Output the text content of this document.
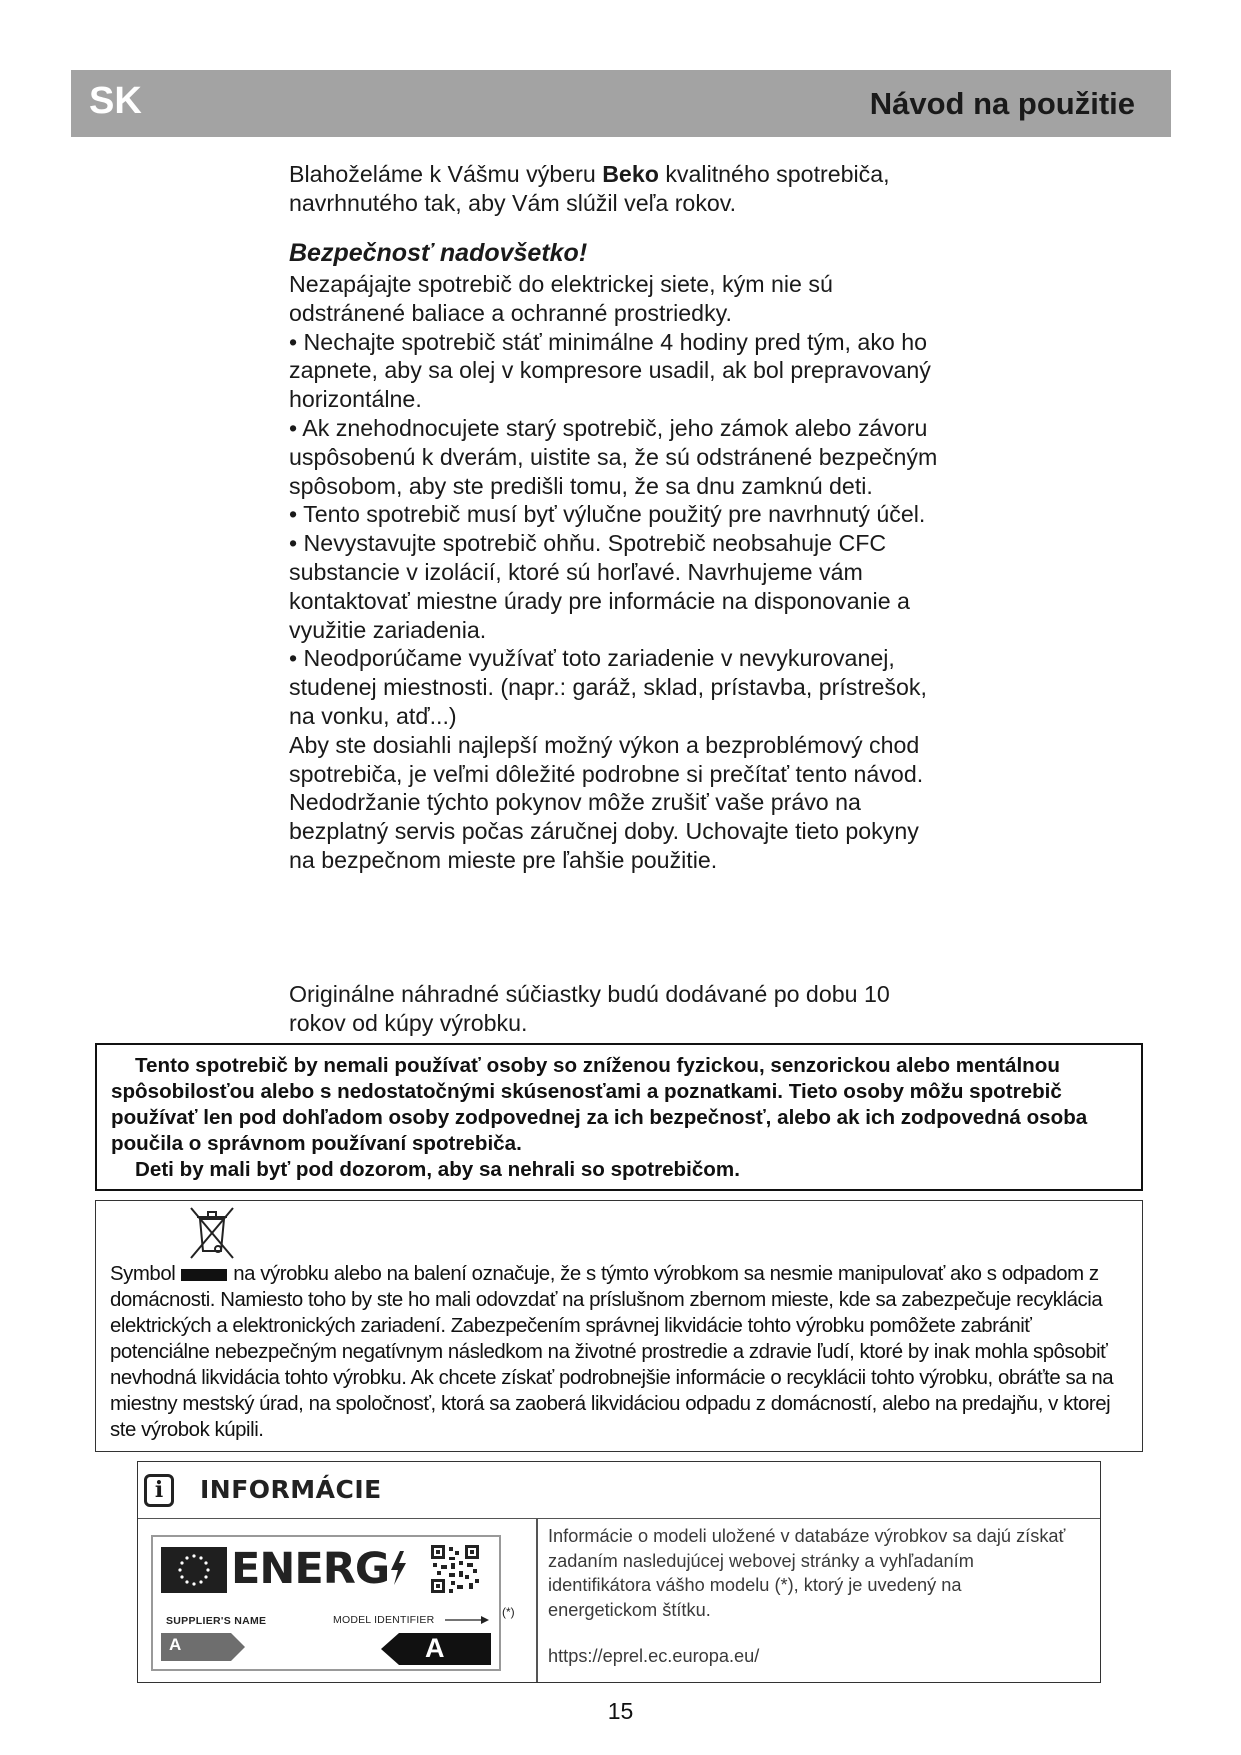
SK	Návod na použitie

Blahoželáme k Vášmu výberu Beko kvalitného spotrebiča, navrhnutého tak, aby Vám slúžil veľa rokov.

Bezpečnosť nadovšetko!

Nezapájajte spotrebič do elektrickej siete, kým nie sú odstránené baliace a ochranné prostriedky.

• Nechajte spotrebič stáť minimálne 4 hodiny pred tým, ako ho zapnete, aby sa olej v kompresore usadil, ak bol prepravovaný horizontálne.

• Ak znehodnocujete starý spotrebič, jeho zámok alebo závoru uspôsobenú k dverám, uistite sa, že sú odstránené bezpečným spôsobom, aby ste predišli tomu, že sa dnu zamknú deti.

• Tento spotrebič musí byť výlučne použitý pre navrhnutý účel.

• Nevystavujte spotrebič ohňu. Spotrebič neobsahuje CFC substancie v izolácií, ktoré sú horľavé. Navrhujeme vám kontaktovať miestne úrady pre informácie na disponovanie a využitie zariadenia.

• Neodporúčame využívať toto zariadenie v nevykurovanej, studenej miestnosti. (napr.: garáž, sklad, prístavba, prístrešok, na vonku, atď...)

Aby ste dosiahli najlepší možný výkon a bezproblémový chod spotrebiča, je veľmi dôležité podrobne si prečítať tento návod. Nedodržanie týchto pokynov môže zrušiť vaše právo na bezplatný servis počas záručnej doby. Uchovajte tieto pokyny na bezpečnom mieste pre ľahšie použitie.

Originálne náhradné súčiastky budú dodávané po dobu 10 rokov od kúpy výrobku.

Tento spotrebič by nemali používať osoby so zníženou fyzickou, senzorickou alebo mentálnou spôsobilosťou alebo s nedostatočnými skúsenosťami a poznatkami. Tieto osoby môžu spotrebič používať len pod dohľadom osoby zodpovednej za ich bezpečnosť, alebo ak ich zodpovedná osoba poučila o správnom používaní spotrebiča.
Deti by mali byť pod dozorom, aby sa nehrali so spotrebičom.
Symbol	na výrobku alebo na balení označuje, že s týmto výrobkom sa nesmie manipulovať ako s odpadom z domácnosti. Namiesto toho by ste ho mali odovzdať na príslušnom zbernom mieste, kde sa zabezpečuje recyklácia elektrických a elektronických zariadení. Zabezpečením správnej likvidácie tohto výrobku pomôžete zabrániť potenciálne nebezpečným negatívnym následkom na životné prostredie a zdravie ľudí, ktoré by inak mohla spôsobiť nevhodná likvidácia tohto výrobku. Ak chcete získať podrobnejšie informácie o recyklácii tohto výrobku, obráťte sa na miestny mestský úrad, na spoločnosť, ktorá sa zaoberá likvidáciou odpadu z domácností, alebo na predajňu, v ktorej ste výrobok kúpili.
i	INFORMÁCIE
ENERG
SUPPLIER'S NAME	MODEL IDENTIFIER
A	A
(*)

Informácie o modeli uložené v databáze výrobkov sa dajú získať zadaním nasledujúcej webovej stránky a vyhľadaním identifikátora vášho modelu (*), ktorý je uvedený na energetickom štítku.

https://eprel.ec.europa.eu/

15
